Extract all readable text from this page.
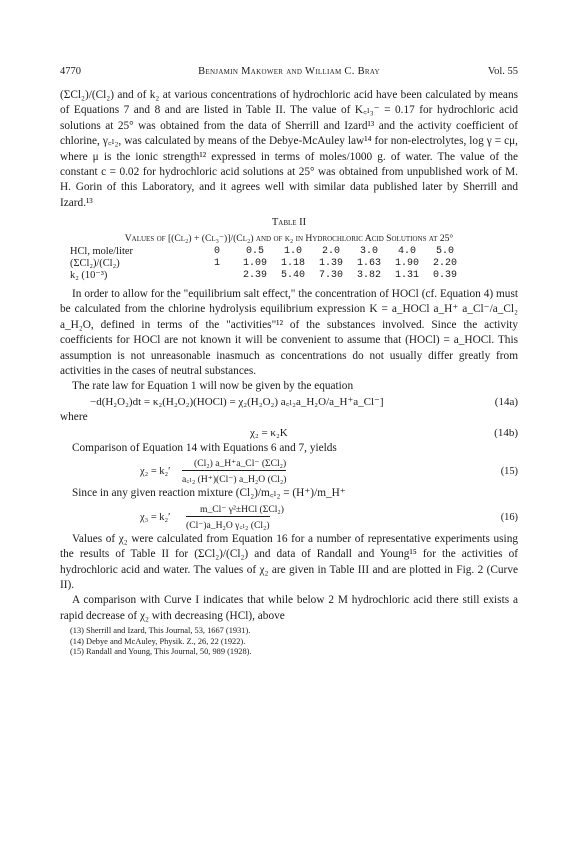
4770	Benjamin Makower and William C. Bray	Vol. 55

(ΣCl₂)/(Cl₂) and of k₂ at various concentrations of hydrochloric acid have been calculated by means of Equations 7 and 8 and are listed in Table II. The value of K꜀ₗ₃⁻ = 0.17 for hydrochloric acid solutions at 25° was obtained from the data of Sherrill and Izard¹³ and the activity coefficient of chlorine, γ꜀ₗ₂, was calculated by means of the Debye-McAuley law¹⁴ for non-electrolytes, log γ = cμ, where μ is the ionic strength¹² expressed in terms of moles/1000 g. of water. The value of the constant c = 0.02 for hydrochloric acid solutions at 25° was obtained from unpublished work of M. H. Gorin of this Laboratory, and it agrees well with similar data published later by Sherrill and Izard.¹³

Table II
Values of [(Cl₂) + (Cl₃⁻)]/(Cl₂) and of k₂ in Hydrochloric Acid Solutions at 25°
HCl, mole/liter	0	0.5	1.0	2.0	3.0	4.0	5.0
(ΣCl₂)/(Cl₂)	1	1.09	1.18	1.39	1.63	1.90	2.20
k₂ (10⁻³)		2.39	5.40	7.30	3.82	1.31	0.39

In order to allow for the "equilibrium salt effect," the concentration of HOCl (cf. Equation 4) must be calculated from the chlorine hydrolysis equilibrium expression K = a_HOCl a_H⁺ a_Cl⁻/a_Cl₂ a_H₂O, defined in terms of the "activities"¹² of the substances involved. Since the activity coefficients for HOCl are not known it will be convenient to assume that (HOCl) = a_HOCl. This assumption is not unreasonable inasmuch as concentrations do not usually differ greatly from activities in the cases of neutral substances.

The rate law for Equation 1 will now be given by the equation

−d(H₂O₂)dt = κ₂(H₂O₂)(HOCl) = χ₂(H₂O₂) a꜀ₗ₂a_H₂O/a_H⁺a_Cl⁻]	(14a)

where

χ₂ = κ₂K	(14b)

Comparison of Equation 14 with Equations 6 and 7, yields

χ₂ = k₂′
(Cl₂) a_H⁺a_Cl⁻ (ΣCl₂)
a꜀ₗ₂ (H⁺)(Cl⁻) a_H₂O (Cl₂)
(15)

Since in any given reaction mixture (Cl₂)/m꜀ₗ₂ = (H⁺)/m_H⁺

χ₃ = k₂′
m_Cl⁻ γ²±HCl (ΣCl₂)
(Cl⁻)a_H₂O γ꜀ₗ₂ (Cl₂)
(16)

Values of χ₂ were calculated from Equation 16 for a number of representative experiments using the results of Table II for (ΣCl₂)/(Cl₂) and data of Randall and Young¹⁵ for the activities of hydrochloric acid and water. The values of χ₂ are given in Table III and are plotted in Fig. 2 (Curve II).

A comparison with Curve I indicates that while below 2 M hydrochloric acid there still exists a rapid decrease of χ₂ with decreasing (HCl), above

(13) Sherrill and Izard, This Journal, 53, 1667 (1931).
(14) Debye and McAuley, Physik. Z., 26, 22 (1922).
(15) Randall and Young, This Journal, 50, 989 (1928).
